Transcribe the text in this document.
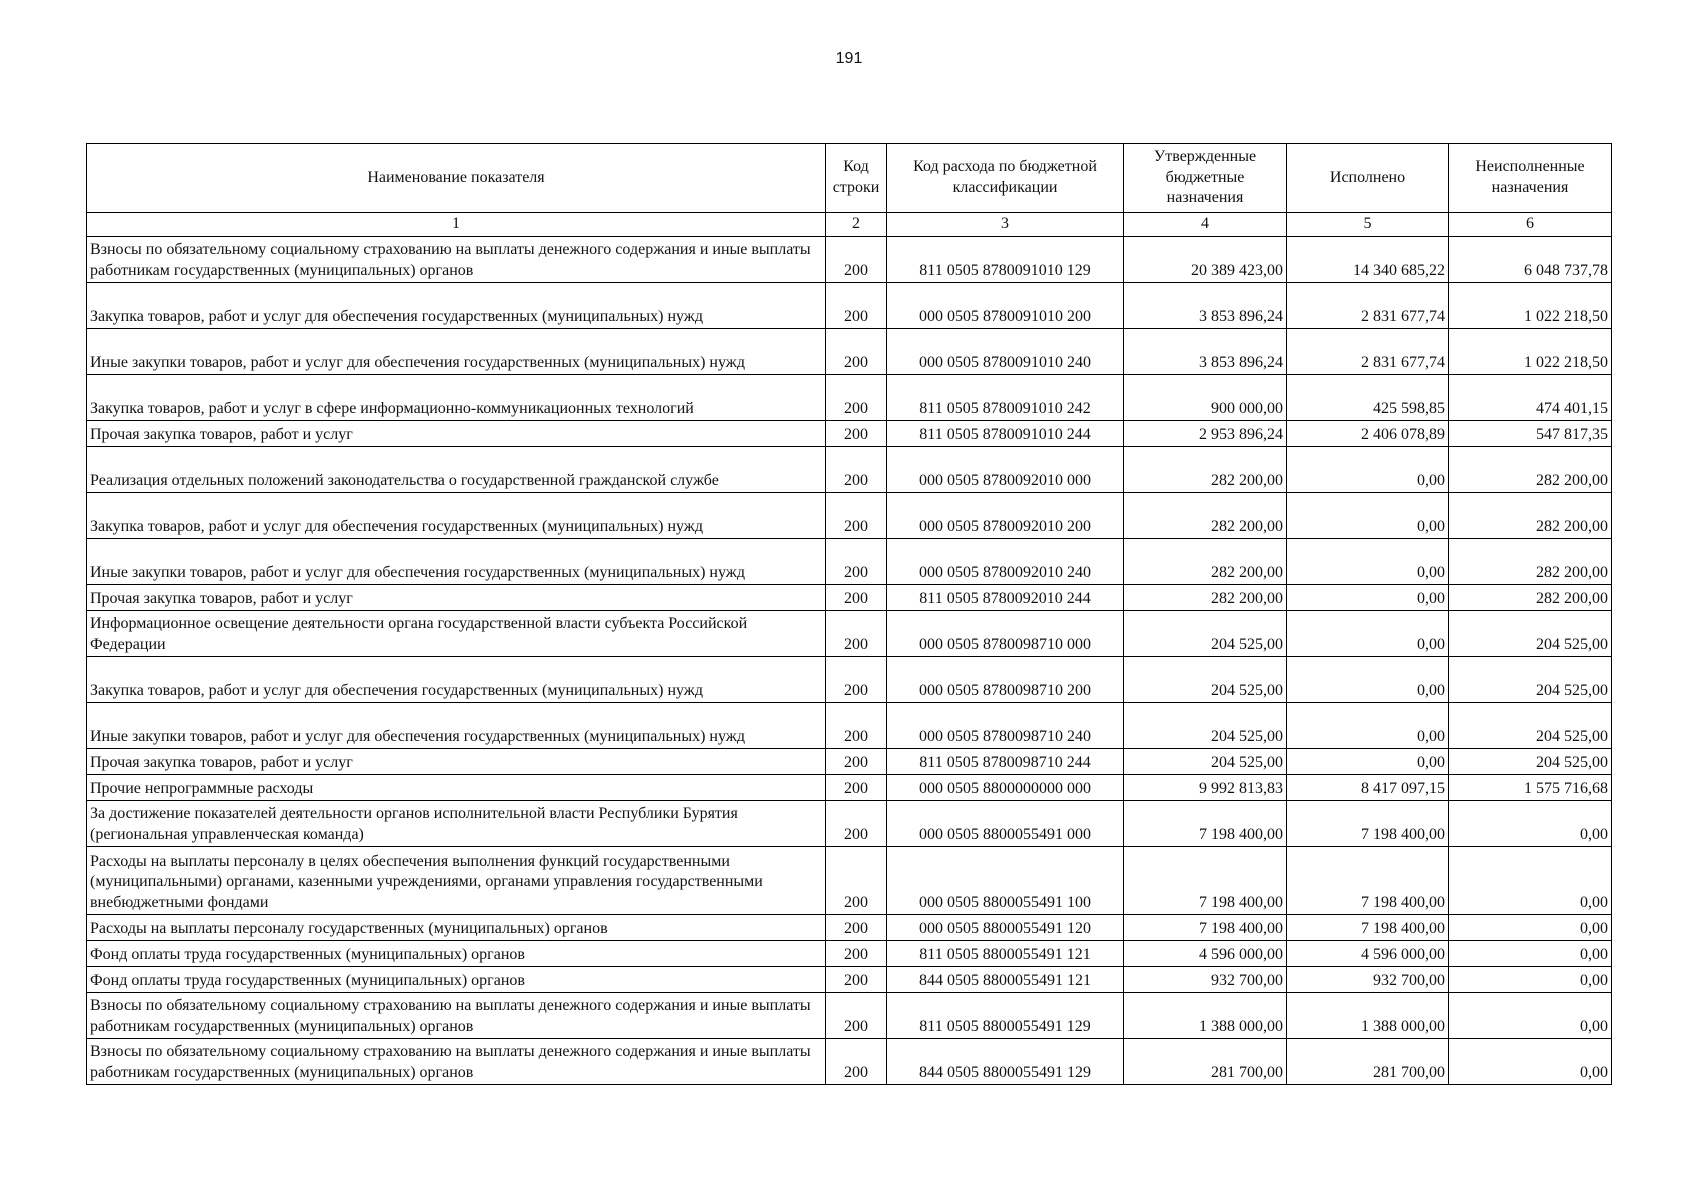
191
Наименование показателя	Код строки	Код расхода по бюджетной классификации	Утвержденные бюджетные назначения	Исполнено	Неисполненные назначения
1	2	3	4	5	6
Взносы по обязательному социальному страхованию на выплаты денежного содержания и иные выплаты работникам государственных (муниципальных) органов	200	811 0505 8780091010 129	20 389 423,00	14 340 685,22	6 048 737,78
Закупка товаров, работ и услуг для обеспечения государственных (муниципальных) нужд	200	000 0505 8780091010 200	3 853 896,24	2 831 677,74	1 022 218,50
Иные закупки товаров, работ и услуг для обеспечения государственных (муниципальных) нужд	200	000 0505 8780091010 240	3 853 896,24	2 831 677,74	1 022 218,50
Закупка товаров, работ и услуг в сфере информационно-коммуникационных технологий	200	811 0505 8780091010 242	900 000,00	425 598,85	474 401,15
Прочая закупка товаров, работ и услуг	200	811 0505 8780091010 244	2 953 896,24	2 406 078,89	547 817,35
Реализация отдельных положений законодательства о государственной гражданской службе	200	000 0505 8780092010 000	282 200,00	0,00	282 200,00
Закупка товаров, работ и услуг для обеспечения государственных (муниципальных) нужд	200	000 0505 8780092010 200	282 200,00	0,00	282 200,00
Иные закупки товаров, работ и услуг для обеспечения государственных (муниципальных) нужд	200	000 0505 8780092010 240	282 200,00	0,00	282 200,00
Прочая закупка товаров, работ и услуг	200	811 0505 8780092010 244	282 200,00	0,00	282 200,00
Информационное освещение деятельности органа государственной власти субъекта Российской Федерации	200	000 0505 8780098710 000	204 525,00	0,00	204 525,00
Закупка товаров, работ и услуг для обеспечения государственных (муниципальных) нужд	200	000 0505 8780098710 200	204 525,00	0,00	204 525,00
Иные закупки товаров, работ и услуг для обеспечения государственных (муниципальных) нужд	200	000 0505 8780098710 240	204 525,00	0,00	204 525,00
Прочая закупка товаров, работ и услуг	200	811 0505 8780098710 244	204 525,00	0,00	204 525,00
Прочие непрограммные расходы	200	000 0505 8800000000 000	9 992 813,83	8 417 097,15	1 575 716,68
За достижение показателей деятельности органов исполнительной власти Республики Бурятия (региональная управленческая команда)	200	000 0505 8800055491 000	7 198 400,00	7 198 400,00	0,00
Расходы на выплаты персоналу в целях обеспечения выполнения функций государственными (муниципальными) органами, казенными учреждениями, органами управления государственными внебюджетными фондами	200	000 0505 8800055491 100	7 198 400,00	7 198 400,00	0,00
Расходы на выплаты персоналу государственных (муниципальных) органов	200	000 0505 8800055491 120	7 198 400,00	7 198 400,00	0,00
Фонд оплаты труда государственных (муниципальных) органов	200	811 0505 8800055491 121	4 596 000,00	4 596 000,00	0,00
Фонд оплаты труда государственных (муниципальных) органов	200	844 0505 8800055491 121	932 700,00	932 700,00	0,00
Взносы по обязательному социальному страхованию на выплаты денежного содержания и иные выплаты работникам государственных (муниципальных) органов	200	811 0505 8800055491 129	1 388 000,00	1 388 000,00	0,00
Взносы по обязательному социальному страхованию на выплаты денежного содержания и иные выплаты работникам государственных (муниципальных) органов	200	844 0505 8800055491 129	281 700,00	281 700,00	0,00
